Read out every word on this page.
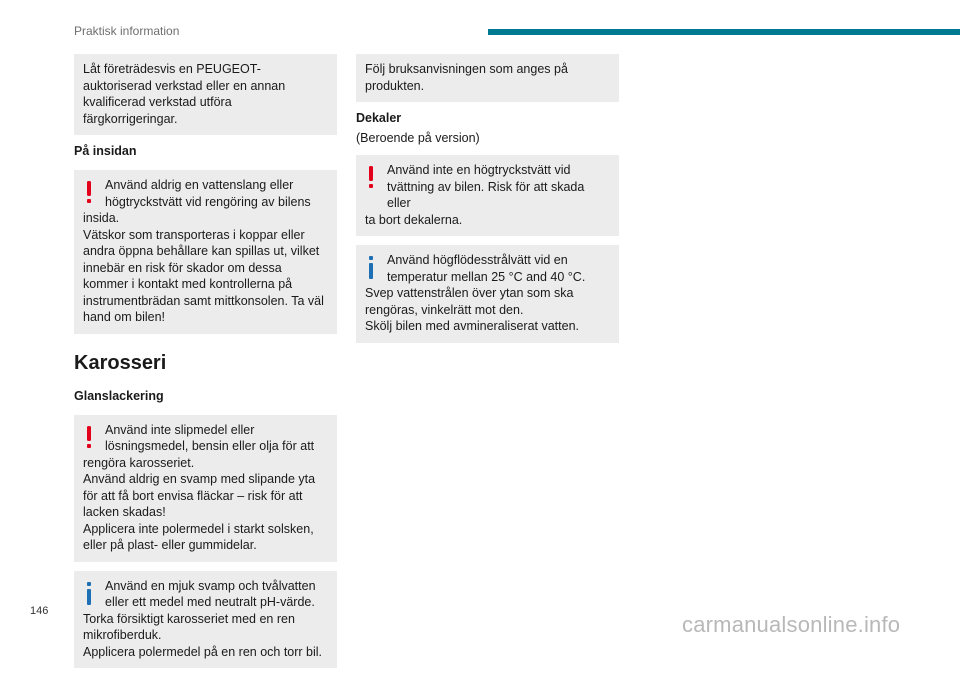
Praktisk information

Låt företrädesvis en PEUGEOT-auktoriserad verkstad eller en annan kvalificerad verkstad utföra färgkorrigeringar.

På insidan

Använd aldrig en vattenslang eller högtryckstvätt vid rengöring av bilens

insida.
Vätskor som transporteras i koppar eller andra öppna behållare kan spillas ut, vilket innebär en risk för skador om dessa kommer i kontakt med kontrollerna på instrumentbrädan samt mittkonsolen. Ta väl hand om bilen!

Karosseri
Glanslackering

Använd inte slipmedel eller lösningsmedel, bensin eller olja för att

rengöra karosseriet.
Använd aldrig en svamp med slipande yta för att få bort envisa fläckar – risk för att lacken skadas!
Applicera inte polermedel i starkt solsken, eller på plast- eller gummidelar.

Använd en mjuk svamp och tvålvatten eller ett medel med neutralt pH-värde.

Torka försiktigt karosseriet med en ren mikrofiberduk.
Applicera polermedel på en ren och torr bil.

Följ bruksanvisningen som anges på produkten.

Dekaler
(Beroende på version)

Använd inte en högtryckstvätt vid tvättning av bilen. Risk för att skada eller

ta bort dekalerna.

Använd högflödesstrålvätt vid en temperatur mellan 25 °C and 40 °C.

Svep vattenstrålen över ytan som ska rengöras, vinkelrätt mot den.
Skölj bilen med avmineraliserat vatten.

146
carmanualsonline.info
